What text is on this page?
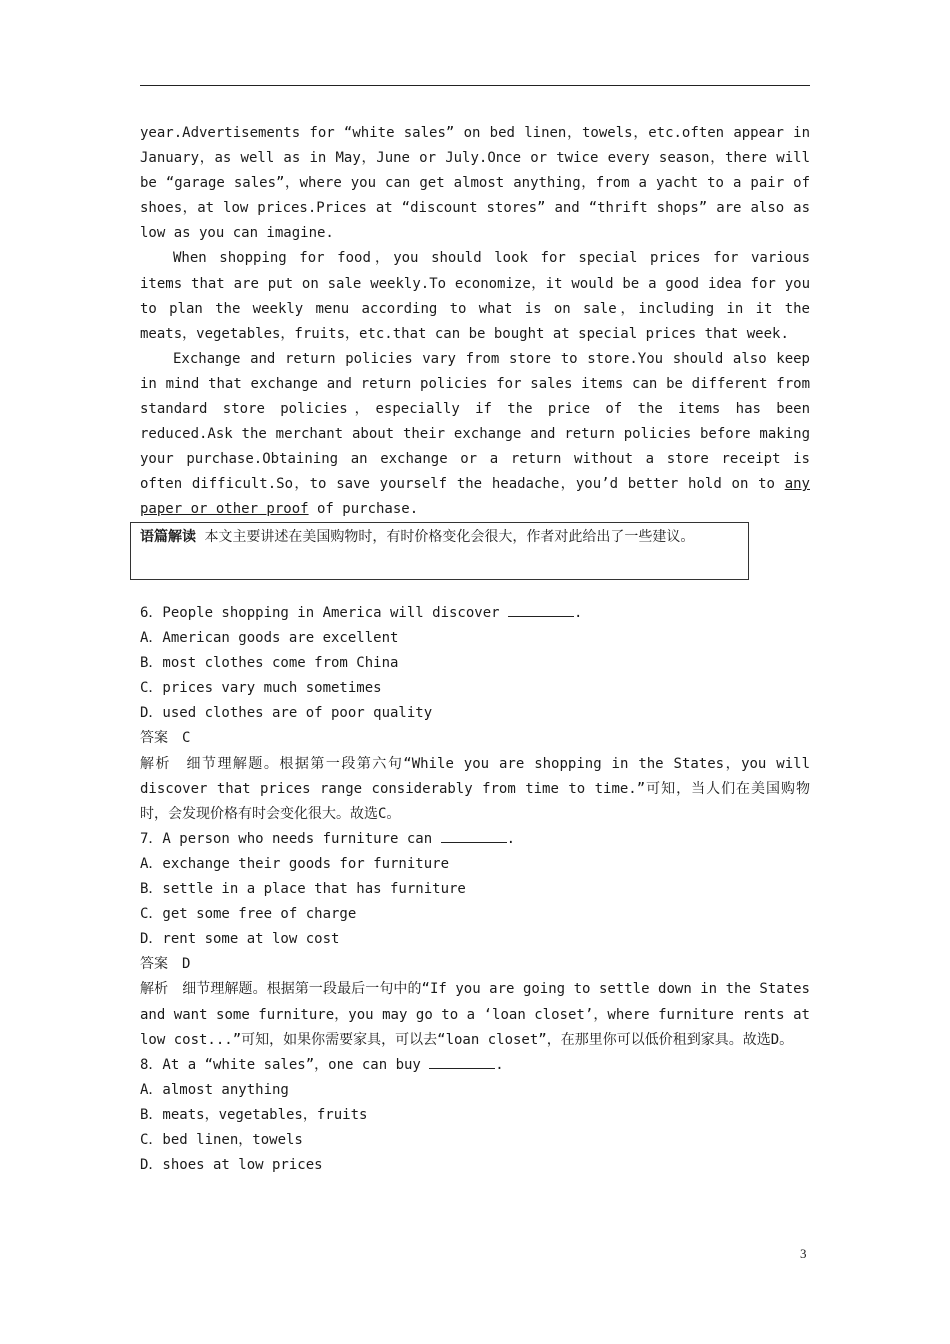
year.Advertisements for “white sales” on bed linen，towels，etc.often appear in January，as well as in May，June or July.Once or twice every season，there will be “garage sales”，where you can get almost anything，from a yacht to a pair of shoes，at low prices.Prices at “discount stores” and “thrift shops” are also as low as you can imagine.

When shopping for food，you should look for special prices for various items that are put on sale weekly.To economize，it would be a good idea for you to plan the weekly menu according to what is on sale，including in it the meats，vegetables，fruits，etc.that can be bought at special prices that week.

Exchange and return policies vary from store to store.You should also keep in mind that exchange and return policies for sales items can be different from standard store policies，especially if the price of the items has been reduced.Ask the merchant about their exchange and return policies before making your purchase.Obtaining an exchange or a return without a store receipt is often difficult.So，to save yourself the headache，you’d better hold on to any paper or other proof of purchase.

语篇解读 本文主要讲述在美国购物时，有时价格变化会很大，作者对此给出了一些建议。
6．People shopping in America will discover	.
A．American goods are excellent
B．most clothes come from China
C．prices vary much sometimes
D．used clothes are of poor quality
答案　C

解析　细节理解题。根据第一段第六句“While you are shopping in the States，you will discover that prices range considerably from time to time.”可知，当人们在美国购物时，会发现价格有时会变化很大。故选C。

7．A person who needs furniture can	.
A．exchange their goods for furniture
B．settle in a place that has furniture
C．get some free of charge
D．rent some at low cost
答案　D

解析　细节理解题。根据第一段最后一句中的“If you are going to settle down in the States and want some furniture，you may go to a ‘loan closet’，where furniture rents at low cost...”可知，如果你需要家具，可以去“loan closet”，在那里你可以低价租到家具。故选D。

8．At a “white sales”，one can buy	.
A．almost anything
B．meats，vegetables，fruits
C．bed linen，towels
D．shoes at low prices
3
